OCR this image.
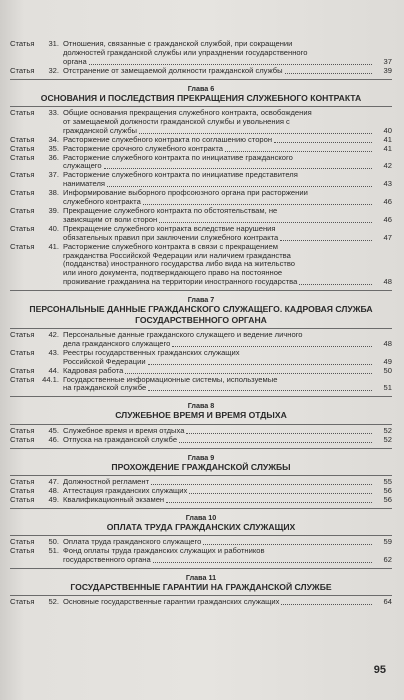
Статья	31. Отношения, связанные с гражданской службой, при сокращении
должностей гражданской службы или упразднении государственного
органа	37
Статья	32. Отстранение от замещаемой должности гражданской службы	39
Глава 6
ОСНОВАНИЯ И ПОСЛЕДСТВИЯ ПРЕКРАЩЕНИЯ СЛУЖЕБНОГО КОНТРАКТА
Статья	33. Общие основания прекращения служебного контракта, освобождения
от замещаемой должности гражданской службы и увольнения с
гражданской службы	40
Статья	34. Расторжение служебного контракта по соглашению сторон	41
Статья	35. Расторжение срочного служебного контракта	41
Статья	36. Расторжение служебного контракта по инициативе гражданского
служащего	42
Статья	37. Расторжение служебного контракта по инициативе представителя
нанимателя	43
Статья	38. Информирование выборного профсоюзного органа при расторжении
служебного контракта	46
Статья	39. Прекращение служебного контракта по обстоятельствам, не
зависящим от воли сторон	46
Статья	40. Прекращение служебного контракта вследствие нарушения
обязательных правил при заключении служебного контракта	47
Статья	41. Расторжение служебного контракта в связи с прекращением
гражданства Российской Федерации или наличием гражданства
(подданства) иностранного государства либо вида на жительство
или иного документа, подтверждающего право на постоянное
проживание гражданина на территории иностранного государства	48
Глава 7
ПЕРСОНАЛЬНЫЕ ДАННЫЕ ГРАЖДАНСКОГО СЛУЖАЩЕГО. КАДРОВАЯ СЛУЖБА ГОСУДАРСТВЕННОГО ОРГАНА
Статья	42. Персональные данные гражданского служащего и ведение личного
дела гражданского служащего	48
Статья	43. Реестры государственных гражданских служащих
Российской Федерации	49
Статья	44. Кадровая работа	50
Статья	44.1. Государственные информационные системы, используемые
на гражданской службе	51
Глава 8
СЛУЖЕБНОЕ ВРЕМЯ И ВРЕМЯ ОТДЫХА
Статья	45. Служебное время и время отдыха	52
Статья	46. Отпуска на гражданской службе	52
Глава 9
ПРОХОЖДЕНИЕ ГРАЖДАНСКОЙ СЛУЖБЫ
Статья	47. Должностной регламент	55
Статья	48. Аттестация гражданских служащих	56
Статья	49. Квалификационный экзамен	56
Глава 10
ОПЛАТА ТРУДА ГРАЖДАНСКИХ СЛУЖАЩИХ
Статья	50. Оплата труда гражданского служащего	59
Статья	51. Фонд оплаты труда гражданских служащих и работников
государственного органа	62
Глава 11
ГОСУДАРСТВЕННЫЕ ГАРАНТИИ НА ГРАЖДАНСКОЙ СЛУЖБЕ
Статья	52. Основные государственные гарантии гражданских служащих	64
95
